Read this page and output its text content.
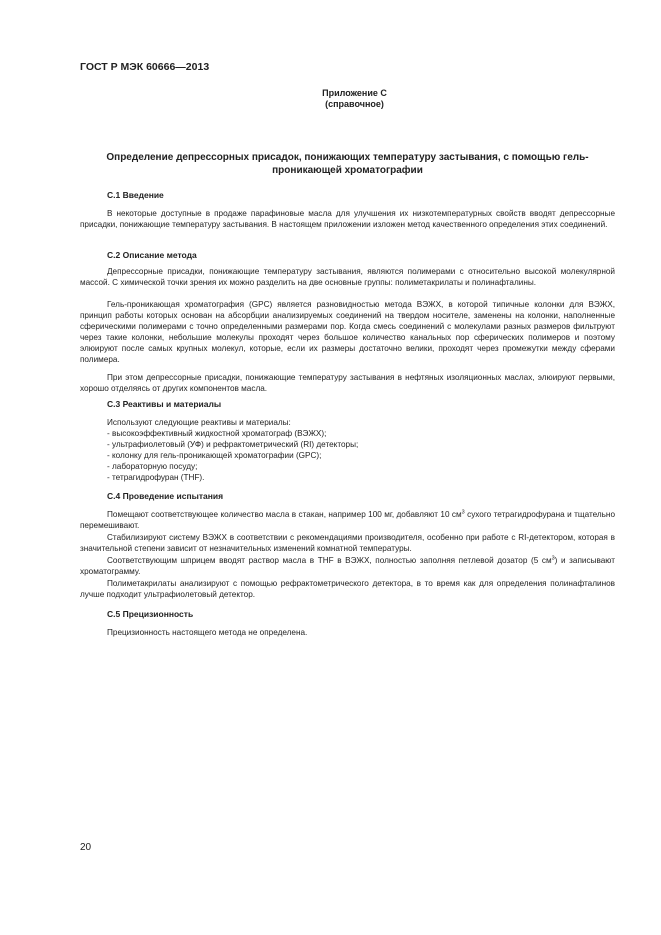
ГОСТ Р МЭК 60666—2013
Приложение С
(справочное)
Определение депрессорных присадок, понижающих температуру застывания, с помощью гель-проникающей хроматографии
С.1 Введение
В некоторые доступные в продаже парафиновые масла для улучшения их низкотемпературных свойств вводят депрессорные присадки, понижающие температуру застывания. В настоящем приложении изложен метод качественного определения этих соединений.
С.2 Описание метода
Депрессорные присадки, понижающие температуру застывания, являются полимерами с относительно высокой молекулярной массой. С химической точки зрения их можно разделить на две основные группы: полиметакрилаты и полинафталины.
Гель-проникающая хроматография (GPC) является разновидностью метода ВЭЖХ, в которой типичные колонки для ВЭЖХ, принцип работы которых основан на абсорбции анализируемых соединений на твердом носителе, заменены на колонки, наполненные сферическими полимерами с точно определенными размерами пор. Когда смесь соединений с молекулами разных размеров фильтруют через такие колонки, небольшие молекулы проходят через большое количество канальных пор сферических полимеров и поэтому элюируют после самых крупных молекул, которые, если их размеры достаточно велики, проходят через промежутки между сферами полимера.
При этом депрессорные присадки, понижающие температуру застывания в нефтяных изоляционных маслах, элюируют первыми, хорошо отделяясь от других компонентов масла.
С.3 Реактивы и материалы
Используют следующие реактивы и материалы:
- высокоэффективный жидкостной хроматограф (ВЭЖХ);
- ультрафиолетовый (УФ) и рефрактометрический (RI) детекторы;
- колонку для гель-проникающей хроматографии (GPC);
- лабораторную посуду;
- тетрагидрофуран (THF).
С.4 Проведение испытания
Помещают соответствующее количество масла в стакан, например 100 мг, добавляют 10 $см^3$ сухого тетрагидрофурана и тщательно перемешивают.
Стабилизируют систему ВЭЖХ в соответствии с рекомендациями производителя, особенно при работе с RI-детектором, которая в значительной степени зависит от незначительных изменений комнатной температуры.
Соответствующим шприцем вводят раствор масла в THF в ВЭЖХ, полностью заполняя петлевой дозатор (5 $см^3$) и записывают хроматограмму.
Полиметакрилаты анализируют с помощью рефрактометрического детектора, в то время как для определения полинафталинов лучше подходит ультрафиолетовый детектор.
С.5 Прецизионность
Прецизионность настоящего метода не определена.
20
